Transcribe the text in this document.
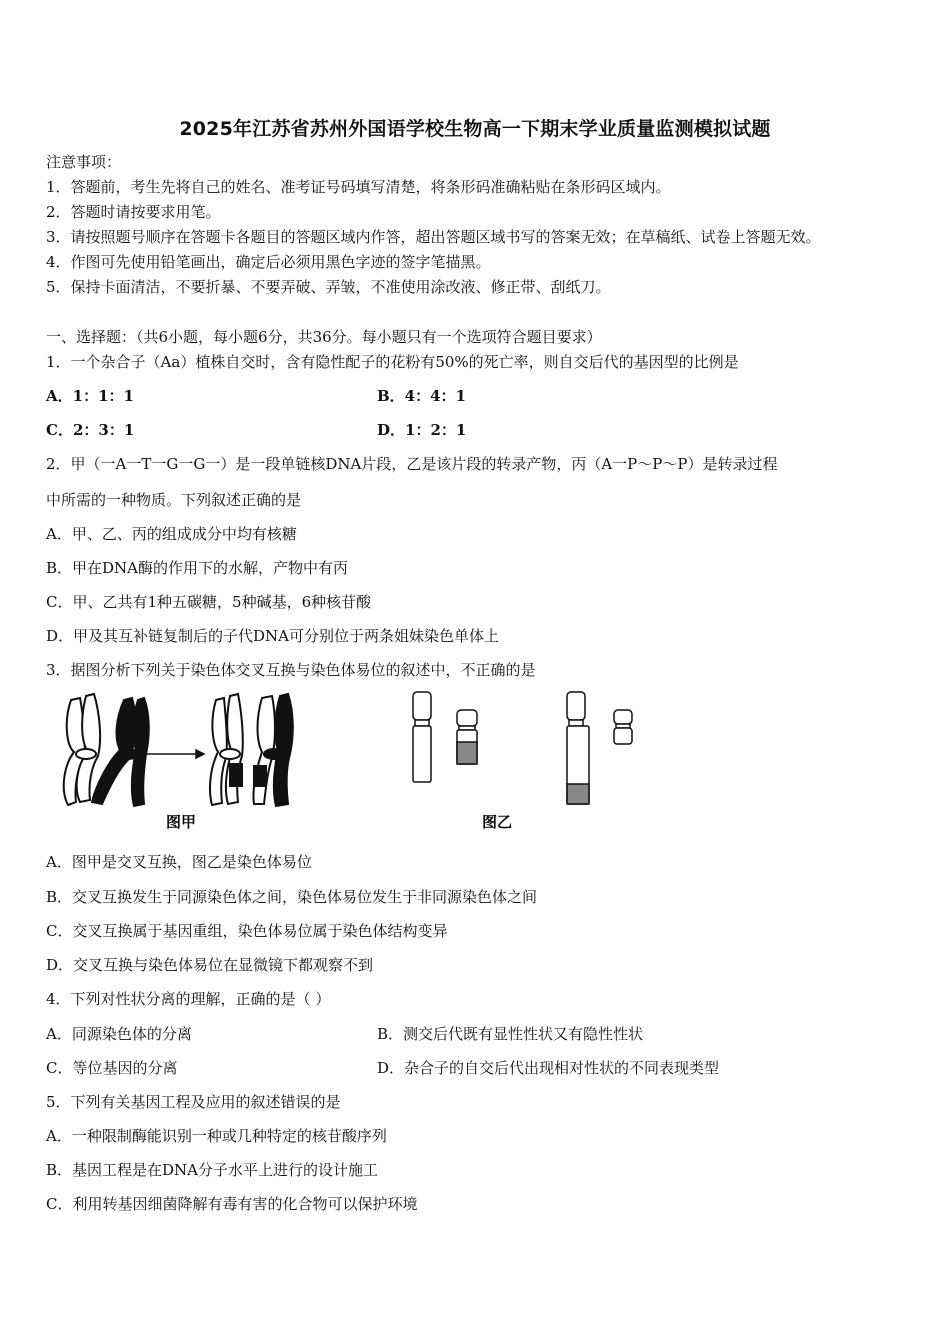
2025年江苏省苏州外国语学校生物高一下期末学业质量监测模拟试题
注意事项：
1．答题前，考生先将自己的姓名、准考证号码填写清楚，将条形码准确粘贴在条形码区域内。
2．答题时请按要求用笔。
3．请按照题号顺序在答题卡各题目的答题区域内作答，超出答题区域书写的答案无效；在草稿纸、试卷上答题无效。
4．作图可先使用铅笔画出，确定后必须用黑色字迹的签字笔描黑。
5．保持卡面清洁，不要折暴、不要弄破、弄皱，不准使用涂改液、修正带、刮纸刀。
一、选择题：（共6小题，每小题6分，共36分。每小题只有一个选项符合题目要求）
1．一个杂合子（Aa）植株自交时，含有隐性配子的花粉有50%的死亡率，则自交后代的基因型的比例是
A．1：1：1	B．4：4：1
C．2：3：1	D．1：2：1
2．甲（一A一T一G一G一）是一段单链核DNA片段，乙是该片段的转录产物，丙（A一P～P～P）是转录过程
中所需的一种物质。下列叙述正确的是
A．甲、乙、丙的组成成分中均有核糖
B．甲在DNA酶的作用下的水解，产物中有丙
C．甲、乙共有1种五碳糖，5种碱基，6种核苷酸
D．甲及其互补链复制后的子代DNA可分别位于两条姐妹染色单体上
3．据图分析下列关于染色体交叉互换与染色体易位的叙述中，不正确的是
图甲	图乙
A．图甲是交叉互换，图乙是染色体易位
B．交叉互换发生于同源染色体之间，染色体易位发生于非同源染色体之间
C．交叉互换属于基因重组，染色体易位属于染色体结构变异
D．交叉互换与染色体易位在显微镜下都观察不到
4．下列对性状分离的理解，正确的是（ ）
A．同源染色体的分离	B．测交后代既有显性性状又有隐性性状
C．等位基因的分离	D．杂合子的自交后代出现相对性状的不同表现类型
5．下列有关基因工程及应用的叙述错误的是
A．一种限制酶能识别一种或几种特定的核苷酸序列
B．基因工程是在DNA分子水平上进行的设计施工
C．利用转基因细菌降解有毒有害的化合物可以保护环境
